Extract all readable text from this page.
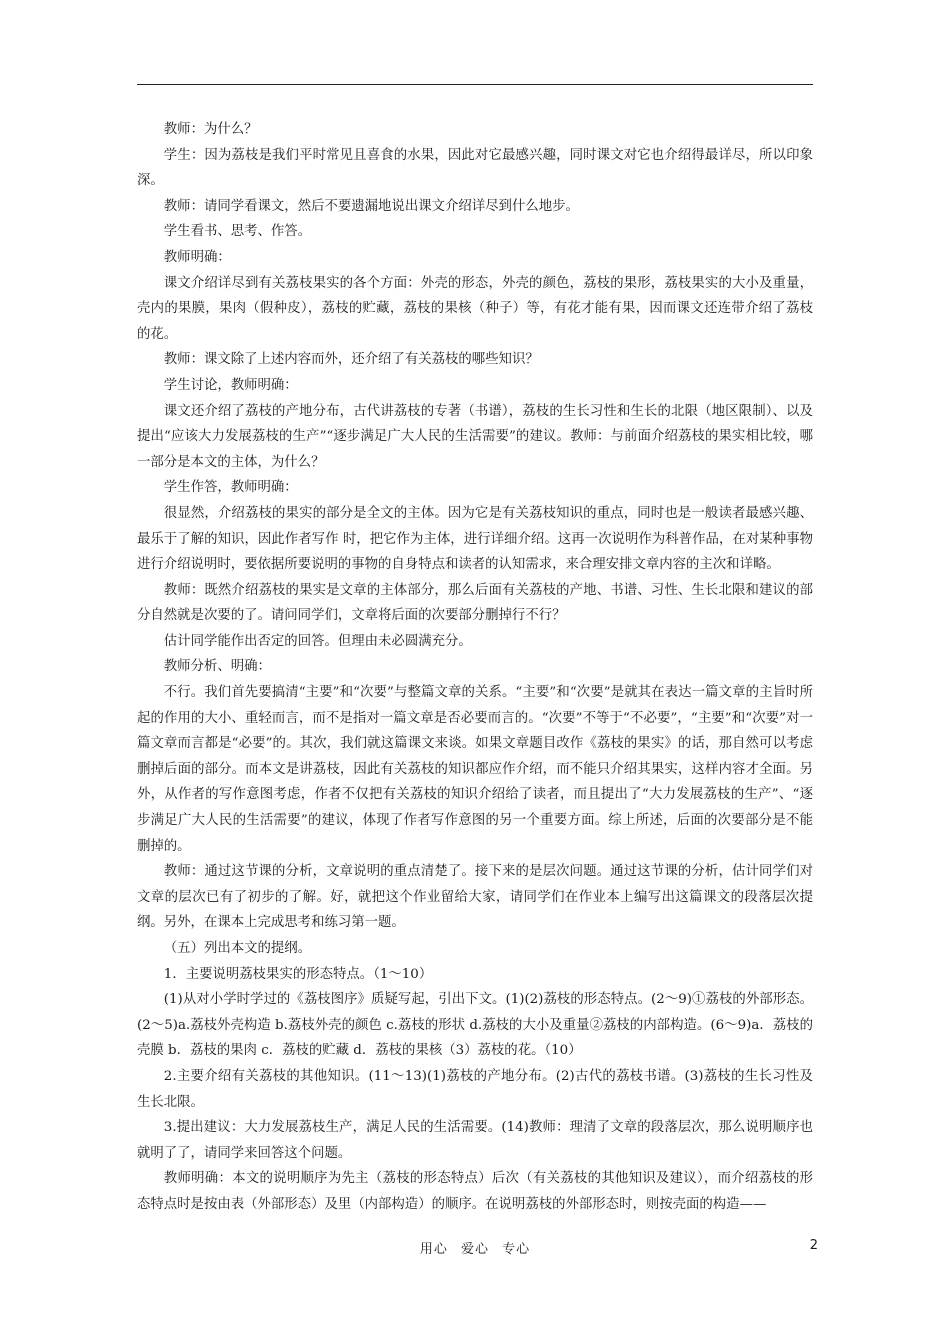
教师：为什么？

学生：因为荔枝是我们平时常见且喜食的水果，因此对它最感兴趣，同时课文对它也介绍得最详尽，所以印象深。

教师：请同学看课文，然后不要遗漏地说出课文介绍详尽到什么地步。

学生看书、思考、作答。

教师明确：

课文介绍详尽到有关荔枝果实的各个方面：外壳的形态，外壳的颜色，荔枝的果形，荔枝果实的大小及重量，壳内的果膜，果肉（假种皮），荔枝的贮藏，荔枝的果核（种子）等，有花才能有果，因而课文还连带介绍了荔枝的花。

教师：课文除了上述内容而外，还介绍了有关荔枝的哪些知识？

学生讨论，教师明确：

课文还介绍了荔枝的产地分布，古代讲荔枝的专著（书谱），荔枝的生长习性和生长的北限（地区限制）、以及提出“应该大力发展荔枝的生产”“逐步满足广大人民的生活需要”的建议。教师：与前面介绍荔枝的果实相比较，哪一部分是本文的主体，为什么？

学生作答，教师明确：

很显然，介绍荔枝的果实的部分是全文的主体。因为它是有关荔枝知识的重点，同时也是一般读者最感兴趣、最乐于了解的知识，因此作者写作 时，把它作为主体，进行详细介绍。这再一次说明作为科普作品，在对某种事物进行介绍说明时，要依据所要说明的事物的自身特点和读者的认知需求，来合理安排文章内容的主次和详略。

教师：既然介绍荔枝的果实是文章的主体部分，那么后面有关荔枝的产地、书谱、习性、生长北限和建议的部分自然就是次要的了。请问同学们，文章将后面的次要部分删掉行不行？

估计同学能作出否定的回答。但理由未必圆满充分。

教师分析、明确：

不行。我们首先要搞清“主要”和“次要”与整篇文章的关系。“主要”和“次要”是就其在表达一篇文章的主旨时所起的作用的大小、重轻而言，而不是指对一篇文章是否必要而言的。“次要”不等于“不必要”，“主要”和“次要”对一篇文章而言都是“必要”的。其次，我们就这篇课文来谈。如果文章题目改作《荔枝的果实》的话，那自然可以考虑删掉后面的部分。而本文是讲荔枝，因此有关荔枝的知识都应作介绍，而不能只介绍其果实，这样内容才全面。另外，从作者的写作意图考虑，作者不仅把有关荔枝的知识介绍给了读者，而且提出了“大力发展荔枝的生产”、“逐步满足广大人民的生活需要”的建议，体现了作者写作意图的另一个重要方面。综上所述，后面的次要部分是不能删掉的。

教师：通过这节课的分析，文章说明的重点清楚了。接下来的是层次问题。通过这节课的分析，估计同学们对文章的层次已有了初步的了解。好，就把这个作业留给大家，请同学们在作业本上编写出这篇课文的段落层次提纲。另外，在课本上完成思考和练习第一题。

（五）列出本文的提纲。

1．主要说明荔枝果实的形态特点。（1～10）

(1)从对小学时学过的《荔枝图序》质疑写起，引出下文。(1)(2)荔枝的形态特点。(2～9)①荔枝的外部形态。(2～5)a.荔枝外壳构造 b.荔枝外壳的颜色 c.荔枝的形状 d.荔枝的大小及重量②荔枝的内部构造。(6～9)a．荔枝的壳膜 b．荔枝的果肉 c．荔枝的贮藏 d．荔枝的果核（3）荔枝的花。（10）

2.主要介绍有关荔枝的其他知识。(11～13)(1)荔枝的产地分布。(2)古代的荔枝书谱。(3)荔枝的生长习性及生长北限。

3.提出建议：大力发展荔枝生产，满足人民的生活需要。(14)教师：理清了文章的段落层次，那么说明顺序也就明了了，请同学来回答这个问题。

教师明确：本文的说明顺序为先主（荔枝的形态特点）后次（有关荔枝的其他知识及建议），而介绍荔枝的形态特点时是按由表（外部形态）及里（内部构造）的顺序。在说明荔枝的外部形态时，则按壳面的构造——

用心 爱心 专心	2
